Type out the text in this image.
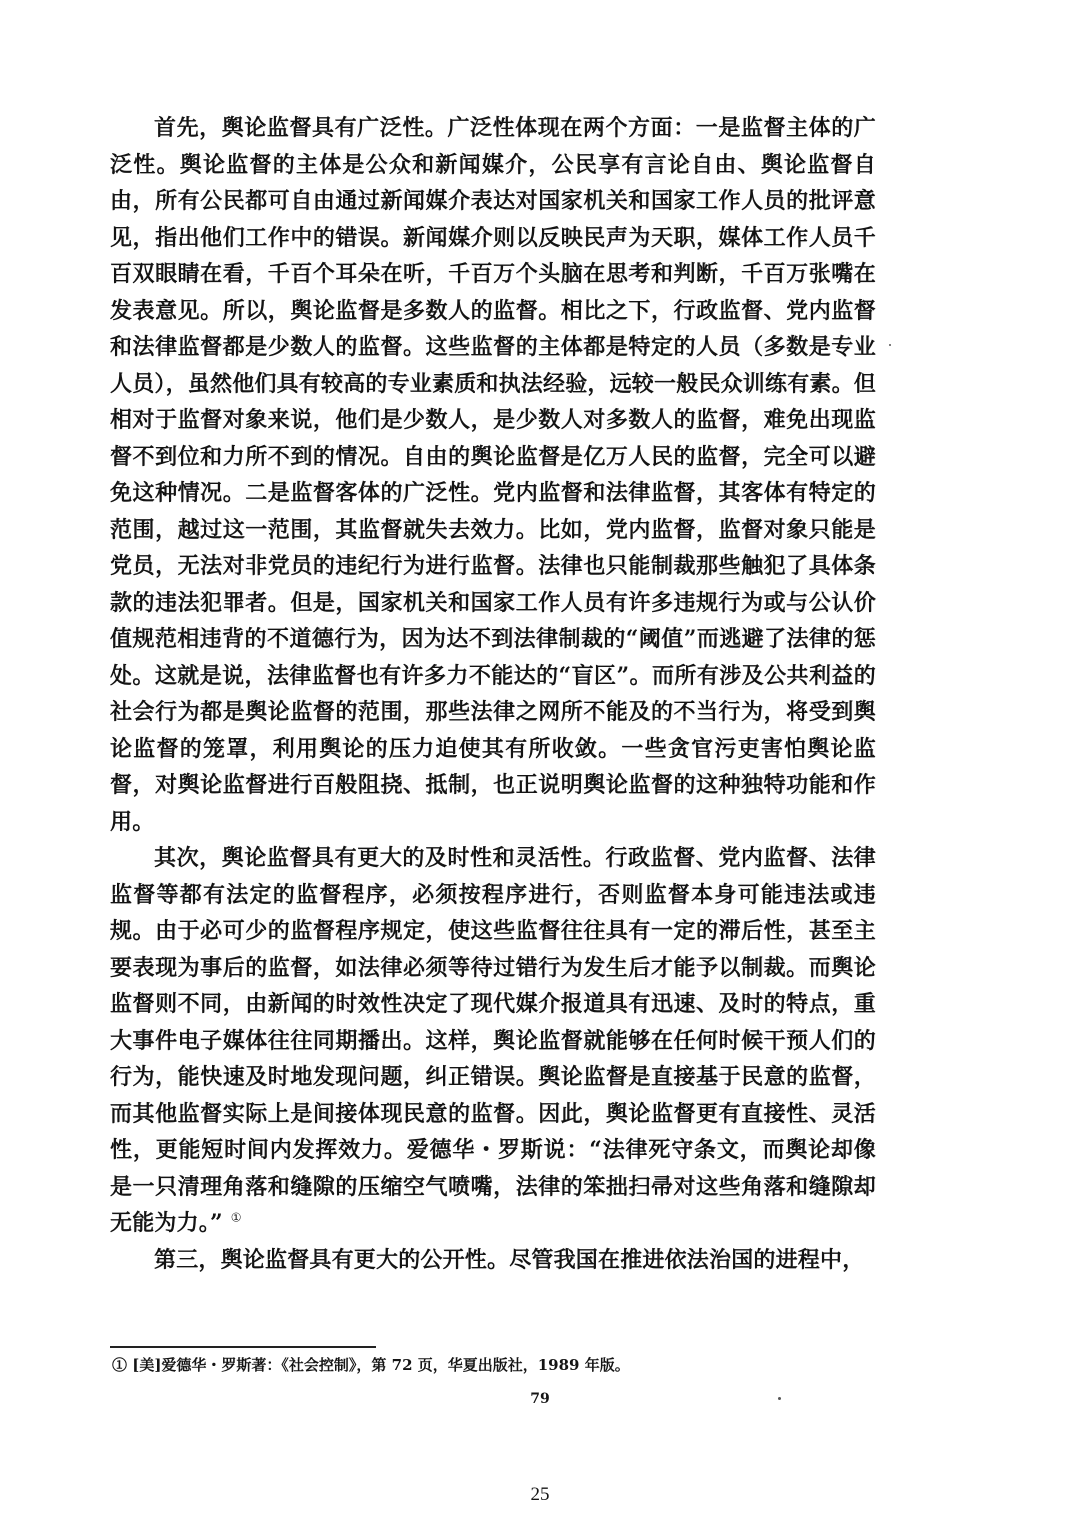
首先，舆论监督具有广泛性。广泛性体现在两个方面：一是监督主体的广泛性。舆论监督的主体是公众和新闻媒介，公民享有言论自由、舆论监督自由，所有公民都可自由通过新闻媒介表达对国家机关和国家工作人员的批评意见，指出他们工作中的错误。新闻媒介则以反映民声为天职，媒体工作人员千百双眼睛在看，千百个耳朵在听，千百万个头脑在思考和判断，千百万张嘴在发表意见。所以，舆论监督是多数人的监督。相比之下，行政监督、党内监督和法律监督都是少数人的监督。这些监督的主体都是特定的人员（多数是专业人员），虽然他们具有较高的专业素质和执法经验，远较一般民众训练有素。但相对于监督对象来说，他们是少数人，是少数人对多数人的监督，难免出现监督不到位和力所不到的情况。自由的舆论监督是亿万人民的监督，完全可以避免这种情况。二是监督客体的广泛性。党内监督和法律监督，其客体有特定的范围，越过这一范围，其监督就失去效力。比如，党内监督，监督对象只能是党员，无法对非党员的违纪行为进行监督。法律也只能制裁那些触犯了具体条款的违法犯罪者。但是，国家机关和国家工作人员有许多违规行为或与公认价值规范相违背的不道德行为，因为达不到法律制裁的“阈值”而逃避了法律的惩处。这就是说，法律监督也有许多力不能达的“盲区”。而所有涉及公共利益的社会行为都是舆论监督的范围，那些法律之网所不能及的不当行为，将受到舆论监督的笼罩，利用舆论的压力迫使其有所收敛。一些贪官污吏害怕舆论监督，对舆论监督进行百般阻挠、抵制，也正说明舆论监督的这种独特功能和作用。

其次，舆论监督具有更大的及时性和灵活性。行政监督、党内监督、法律监督等都有法定的监督程序，必须按程序进行，否则监督本身可能违法或违规。由于必可少的监督程序规定，使这些监督往往具有一定的滞后性，甚至主要表现为事后的监督，如法律必须等待过错行为发生后才能予以制裁。而舆论监督则不同，由新闻的时效性决定了现代媒介报道具有迅速、及时的特点，重大事件电子媒体往往同期播出。这样，舆论监督就能够在任何时候干预人们的行为，能快速及时地发现问题，纠正错误。舆论监督是直接基于民意的监督，而其他监督实际上是间接体现民意的监督。因此，舆论监督更有直接性、灵活性，更能短时间内发挥效力。爱德华・罗斯说：“法律死守条文，而舆论却像是一只清理角落和缝隙的压缩空气喷嘴，法律的笨拙扫帚对这些角落和缝隙却无能为力。” ①

第三，舆论监督具有更大的公开性。尽管我国在推进依法治国的进程中，

① [美]爱德华・罗斯著：《社会控制》，第 72 页，华夏出版社，1989 年版。
79
25
